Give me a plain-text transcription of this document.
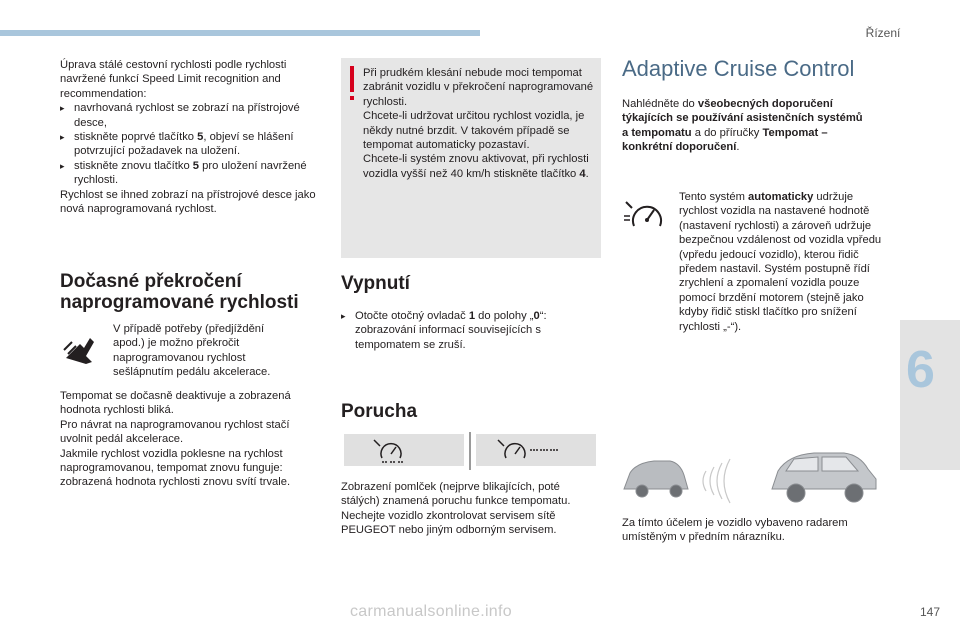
Řízení
6
147
carmanualsonline.info

Úprava stálé cestovní rychlosti podle rychlosti navržené funkcí Speed Limit recognition and recommendation:

▸ navrhovaná rychlost se zobrazí na přístrojové desce,
▸ stiskněte poprvé tlačítko 5, objeví se hlášení potvrzující požadavek na uložení.
▸ stiskněte znovu tlačítko 5 pro uložení navržené rychlosti.

Rychlost se ihned zobrazí na přístrojové desce jako nová naprogramovaná rychlost.

Dočasné překročení naprogramované rychlosti
V případě potřeby (předjíždění apod.) je možno překročit naprogramovanou rychlost sešlápnutím pedálu akcelerace.

Tempomat se dočasně deaktivuje a zobrazená hodnota rychlosti bliká.

Pro návrat na naprogramovanou rychlost stačí uvolnit pedál akcelerace.

Jakmile rychlost vozidla poklesne na rychlost naprogramovanou, tempomat znovu funguje: zobrazená hodnota rychlosti znovu svítí trvale.

Při prudkém klesání nebude moci tempomat zabránit vozidlu v překročení naprogramované rychlosti.

Chcete-li udržovat určitou rychlost vozidla, je někdy nutné brzdit. V takovém případě se tempomat automaticky pozastaví.

Chcete-li systém znovu aktivovat, při rychlosti vozidla vyšší než 40 km/h stiskněte tlačítko 4.

Vypnutí
▸ Otočte otočný ovladač 1 do polohy „0“: zobrazování informací souvisejících s tempomatem se zruší.
Porucha
Zobrazení pomlček (nejprve blikajících, poté stálých) znamená poruchu funkce tempomatu. Nechejte vozidlo zkontrolovat servisem sítě PEUGEOT nebo jiným odborným servisem.
Adaptive Cruise Control
Nahlédněte do všeobecných doporučení týkajících se používání asistenčních systémů a tempomatu a do příručky Tempomat – konkrétní doporučení.
Tento systém automaticky udržuje rychlost vozidla na nastavené hodnotě (nastavení rychlosti) a zároveň udržuje bezpečnou vzdálenost od vozidla vpředu (vpředu jedoucí vozidlo), kterou řidič předem nastavil. Systém postupně řídí zrychlení a zpomalení vozidla pouze pomocí brzdění motorem (stejně jako kdyby řidič stiskl tlačítko pro snížení rychlosti „-“).
Za tímto účelem je vozidlo vybaveno radarem umístěným v předním nárazníku.
